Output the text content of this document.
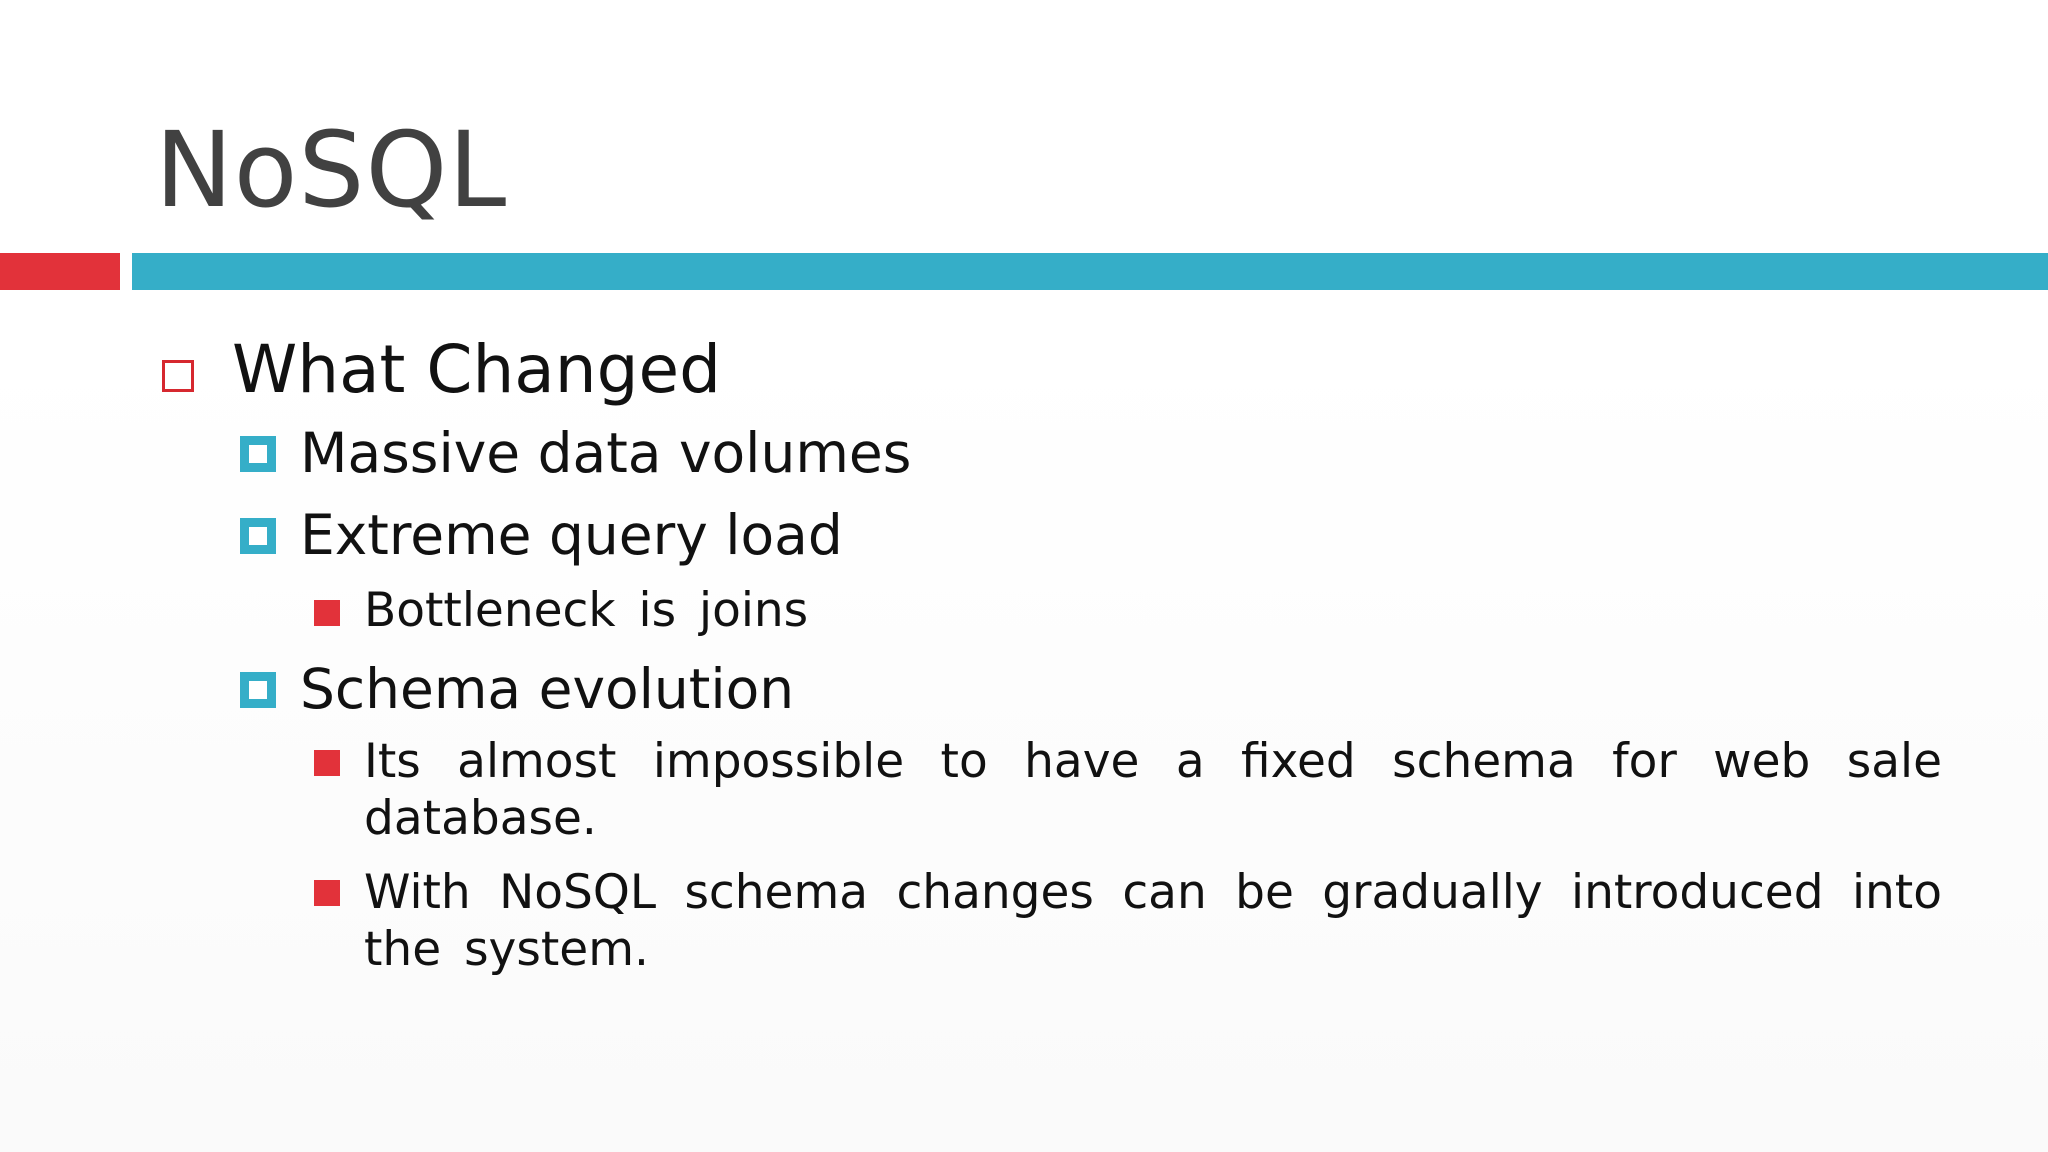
NoSQL
What Changed
Massive data volumes
Extreme query load
Bottleneck is joins
Schema evolution
Its almost impossible to have a fixed schema for web sale database.
With NoSQL schema changes can be gradually introduced into the system.
